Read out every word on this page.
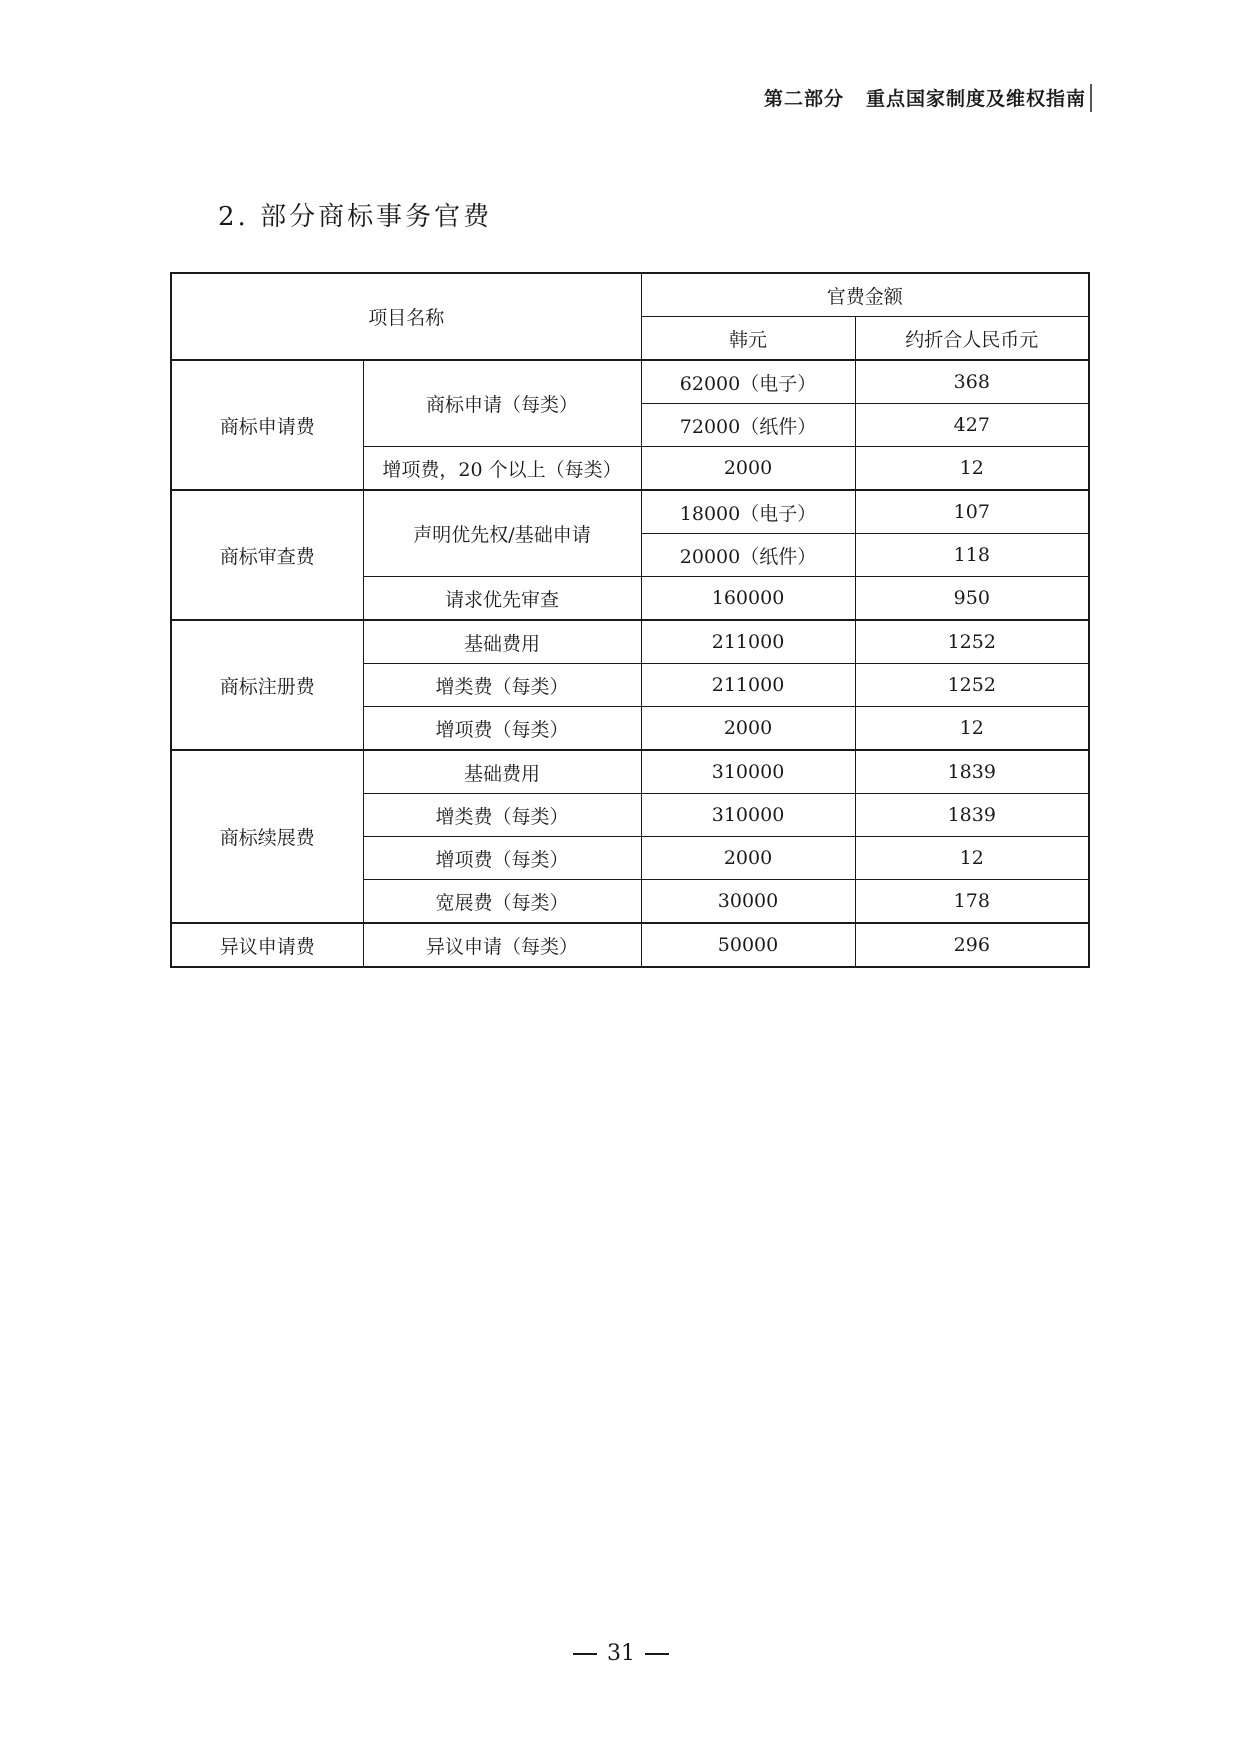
第二部分 重点国家制度及维权指南
2. 部分商标事务官费
项目名称		官费金额	
		韩元	约折合人民币元
商标申请费	商标申请（每类）	62000（电子）	368
		72000（纸件）	427
	增项费，20 个以上（每类）	2000	12
商标审查费	声明优先权/基础申请	18000（电子）	107
		20000（纸件）	118
	请求优先审查	160000	950
商标注册费	基础费用	211000	1252
	增类费（每类）	211000	1252
	增项费（每类）	2000	12
商标续展费	基础费用	310000	1839
	增类费（每类）	310000	1839
	增项费（每类）	2000	12
	宽展费（每类）	30000	178
异议申请费	异议申请（每类）	50000	296
31
